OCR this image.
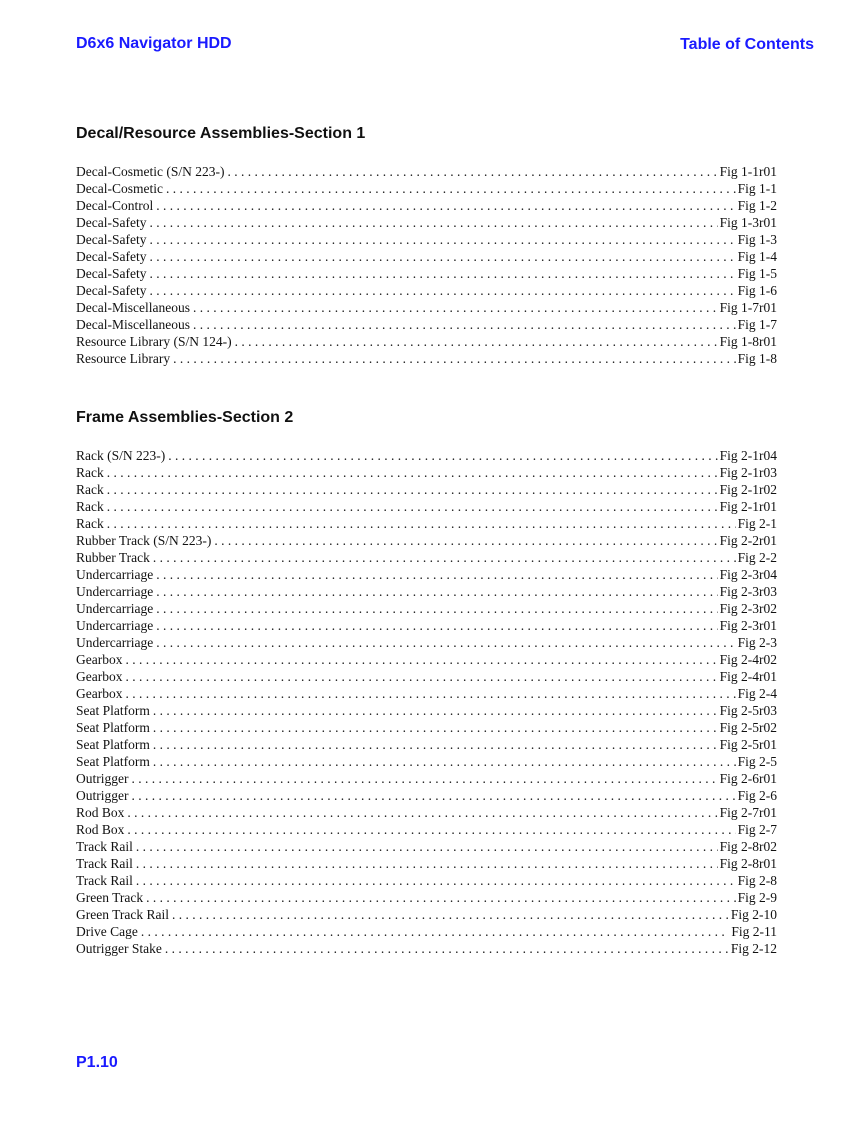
D6x6 Navigator HDD	Table of Contents
Decal/Resource Assemblies-Section 1
Decal-Cosmetic (S/N 223-) . . .	Fig 1-1r01
Decal-Cosmetic . . .	Fig 1-1
Decal-Control . . .	Fig 1-2
Decal-Safety . . .	Fig 1-3r01
Decal-Safety . . .	Fig 1-3
Decal-Safety . . .	Fig 1-4
Decal-Safety . . .	Fig 1-5
Decal-Safety . . .	Fig 1-6
Decal-Miscellaneous . . .	Fig 1-7r01
Decal-Miscellaneous . . .	Fig 1-7
Resource Library (S/N 124-) . . .	Fig 1-8r01
Resource Library . . .	Fig 1-8
Frame Assemblies-Section 2
Rack (S/N 223-) . . .	Fig 2-1r04
Rack . . .	Fig 2-1r03
Rack . . .	Fig 2-1r02
Rack . . .	Fig 2-1r01
Rack . . .	Fig 2-1
Rubber Track (S/N 223-) . . .	Fig 2-2r01
Rubber Track . . .	Fig 2-2
Undercarriage . . .	Fig 2-3r04
Undercarriage . . .	Fig 2-3r03
Undercarriage . . .	Fig 2-3r02
Undercarriage . . .	Fig 2-3r01
Undercarriage . . .	Fig 2-3
Gearbox . . .	Fig 2-4r02
Gearbox . . .	Fig 2-4r01
Gearbox . . .	Fig 2-4
Seat Platform . . .	Fig 2-5r03
Seat Platform . . .	Fig 2-5r02
Seat Platform . . .	Fig 2-5r01
Seat Platform . . .	Fig 2-5
Outrigger . . .	Fig 2-6r01
Outrigger . . .	Fig 2-6
Rod Box . . .	Fig 2-7r01
Rod Box . . .	Fig 2-7
Track Rail . . .	Fig 2-8r02
Track Rail . . .	Fig 2-8r01
Track Rail . . .	Fig 2-8
Green Track . . .	Fig 2-9
Green Track Rail . . .	Fig 2-10
Drive Cage . . .	Fig 2-11
Outrigger Stake . . .	Fig 2-12
P1.10
